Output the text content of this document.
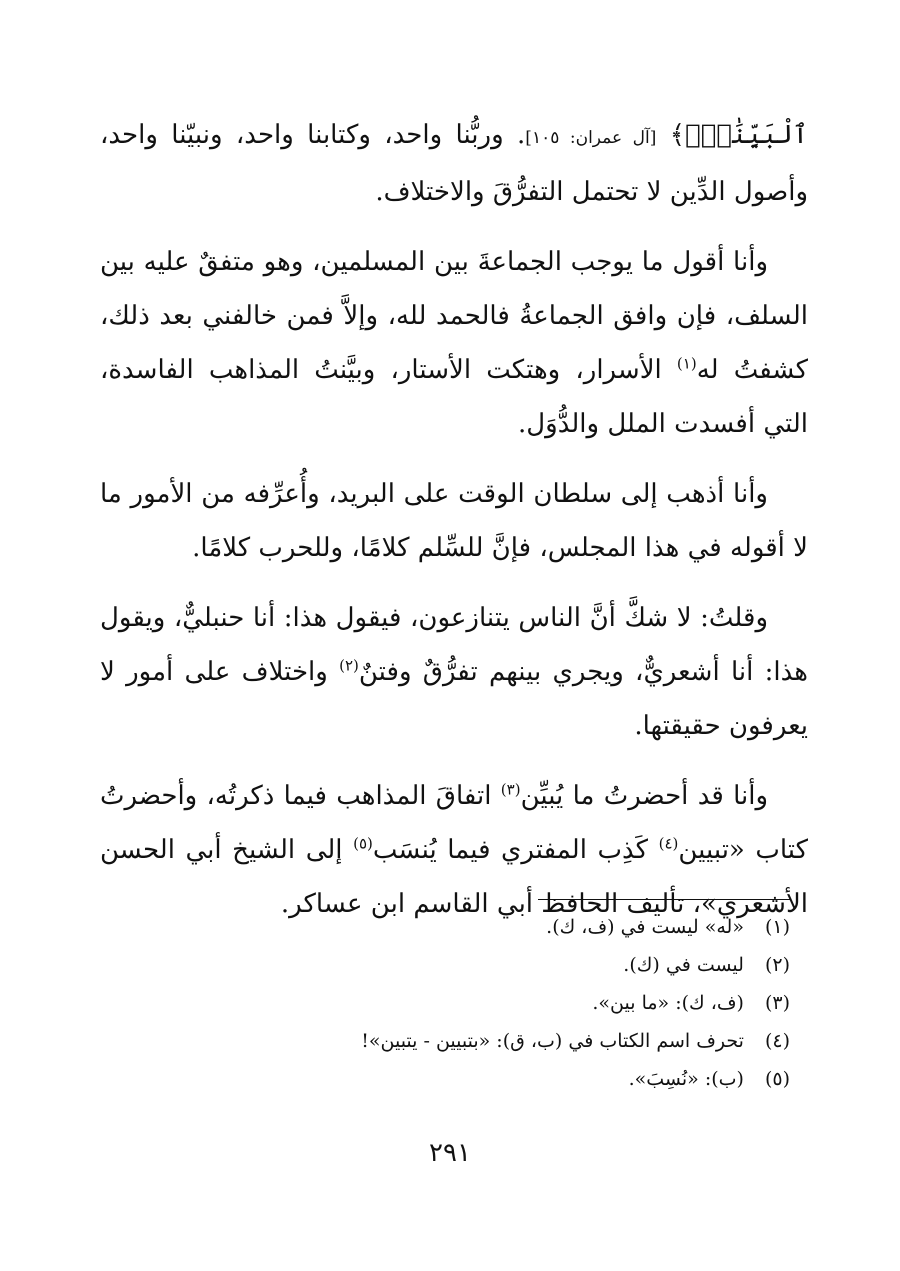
ٱلْبَيِّنَٰتُۚ﴾ [آل عمران: ١٠٥]. وربُّنا واحد، وكتابنا واحد، ونبيّنا واحد، وأصول الدِّين لا تحتمل التفرُّقَ والاختلاف.

وأنا أقول ما يوجب الجماعةَ بين المسلمين، وهو متفقٌ عليه بين السلف، فإن وافق الجماعةُ فالحمد لله، وإلاَّ فمن خالفني بعد ذلك، كشفتُ له$^{(١)}$ الأسرار، وهتكت الأستار، وبيَّنتُ المذاهب الفاسدة، التي أفسدت الملل والدُّوَل.

وأنا أذهب إلى سلطان الوقت على البريد، وأُعرِّفه من الأمور ما لا أقوله في هذا المجلس، فإنَّ للسِّلم كلامًا، وللحرب كلامًا.

وقلتُ: لا شكَّ أنَّ الناس يتنازعون، فيقول هذا: أنا حنبليٌّ، ويقول هذا: أنا أشعريٌّ، ويجري بينهم تفرُّقٌ وفتنٌ$^{(٢)}$ واختلاف على أمور لا يعرفون حقيقتها.

وأنا قد أحضرتُ ما يُبيِّن$^{(٣)}$ اتفاقَ المذاهب فيما ذكرتُه، وأحضرتُ كتاب «تبيين$^{(٤)}$ كَذِب المفتري فيما يُنسَب$^{(٥)}$ إلى الشيخ أبي الحسن الأشعري»، تأليف الحافظ أبي القاسم ابن عساكر.

(١) «له» ليست في (ف، ك).
(٢) ليست في (ك).
(٣) (ف، ك): «ما بين».
(٤) تحرف اسم الكتاب في (ب، ق): «بتبيين - يتبين»!
(٥) (ب): «نُسِبَ».
٢٩١
